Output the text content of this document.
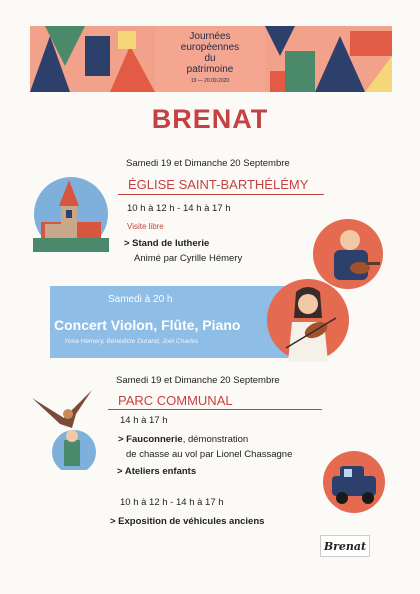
Journées
européennes
du
patrimoine
19 — 20.09.2020
BRENAT
Samedi 19 et Dimanche 20 Septembre
ÉGLISE SAINT-BARTHÉLÉMY
10 h à 12 h - 14 h à 17 h
Visite libre
> Stand de lutherie
Animé par Cyrille Hémery
Samedi à 20 h
Concert Violon, Flûte, Piano
Yona Hémery, Bénédicte Durand, Joël Charles
Samedi 19 et Dimanche 20 Septembre
PARC COMMUNAL
14 h à 17 h
> Fauconnerie, démonstration
de chasse au vol par Lionel Chassagne
> Ateliers enfants
10 h à 12 h - 14 h à 17 h
> Exposition de véhicules anciens
Brenat
